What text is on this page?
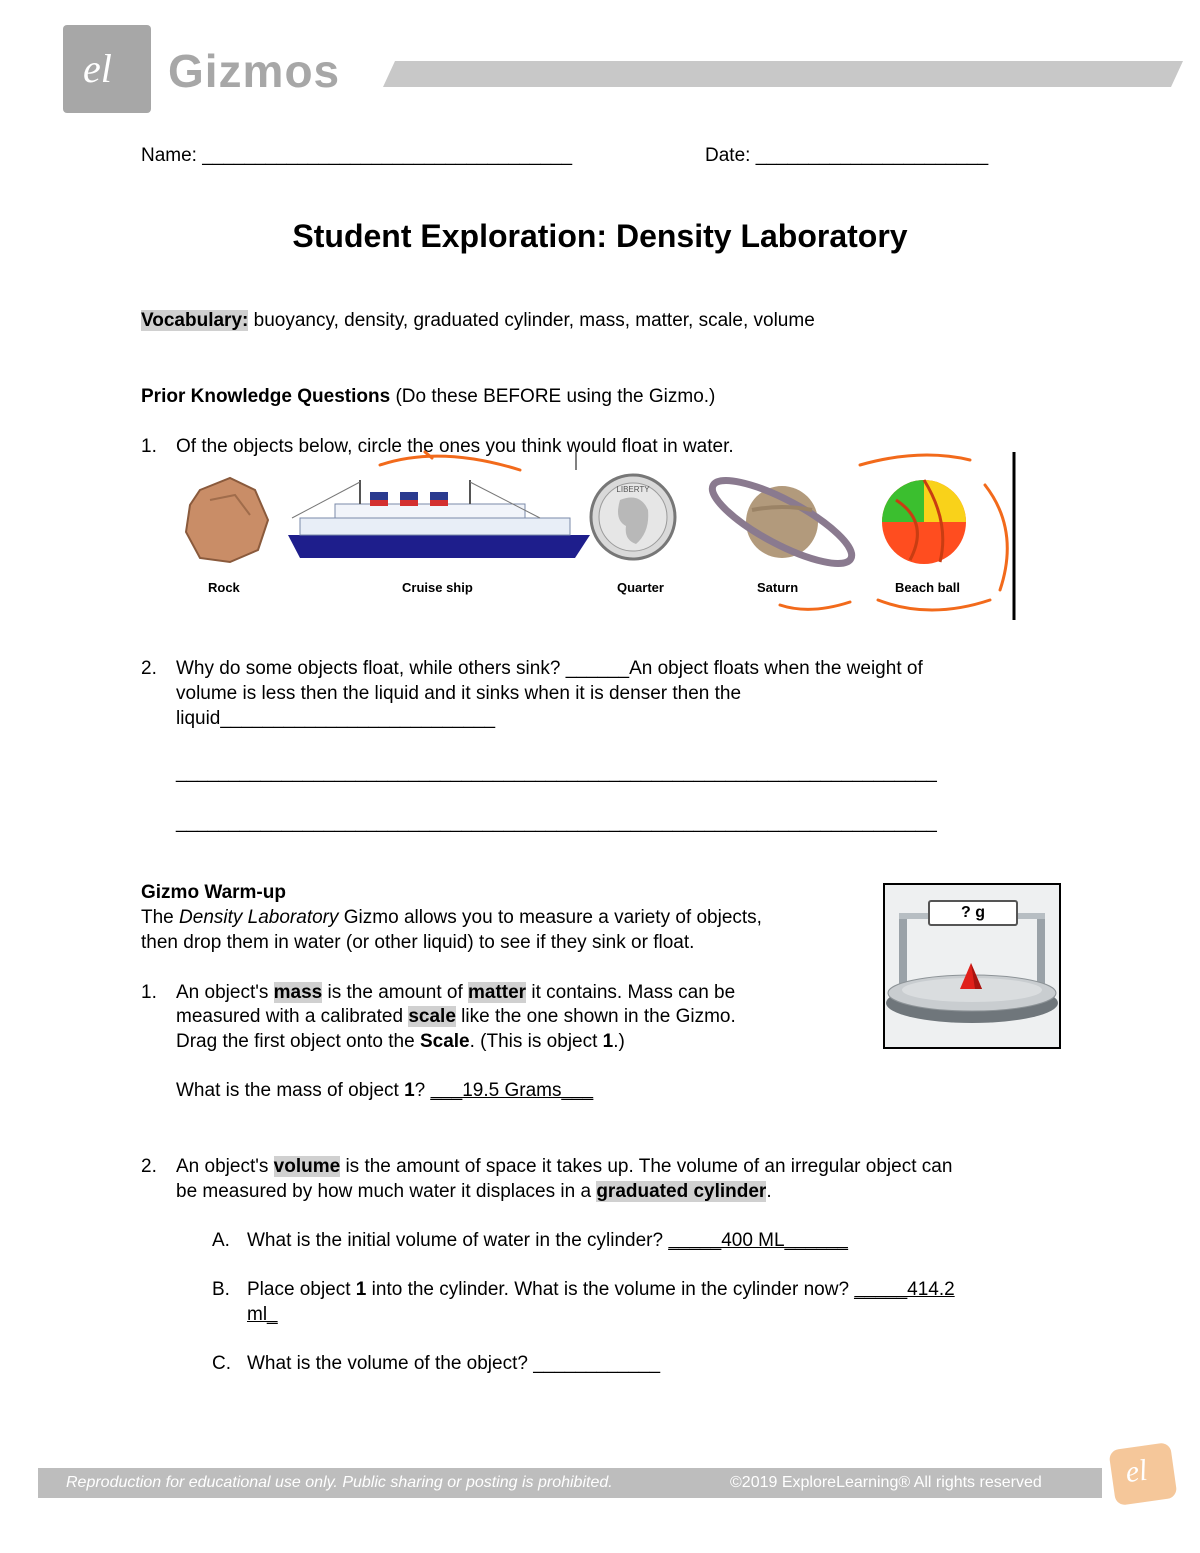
el Gizmos
Name: ___________________________________	Date: ______________________
Student Exploration: Density Laboratory
Vocabulary: buoyancy, density, graduated cylinder, mass, matter, scale, volume
Prior Knowledge Questions (Do these BEFORE using the Gizmo.)
1. Of the objects below, circle the ones you think would float in water.
LIBERTY
Rock	Cruise ship	Quarter	Saturn	Beach ball
2. Why do some objects float, while others sink? ______An object floats when the weight of
volume is less then the liquid and it sinks when it is denser then the
liquid__________________________
________________________________________________________________________
________________________________________________________________________
Gizmo Warm-up
The Density Laboratory Gizmo allows you to measure a variety of objects,
then drop them in water (or other liquid) to see if they sink or float.
? g
1. An object's mass is the amount of matter it contains. Mass can be
measured with a calibrated scale like the one shown in the Gizmo.
Drag the first object onto the Scale. (This is object 1.)
What is the mass of object 1? ___19.5 Grams___
2. An object's volume is the amount of space it takes up. The volume of an irregular object can
be measured by how much water it displaces in a graduated cylinder.
A. What is the initial volume of water in the cylinder? _____400 ML______
B. Place object 1 into the cylinder. What is the volume in the cylinder now? _____414.2
ml_
C. What is the volume of the object? ____________
Reproduction for educational use only. Public sharing or posting is prohibited.	©2019 ExploreLearning® All rights reserved	el
